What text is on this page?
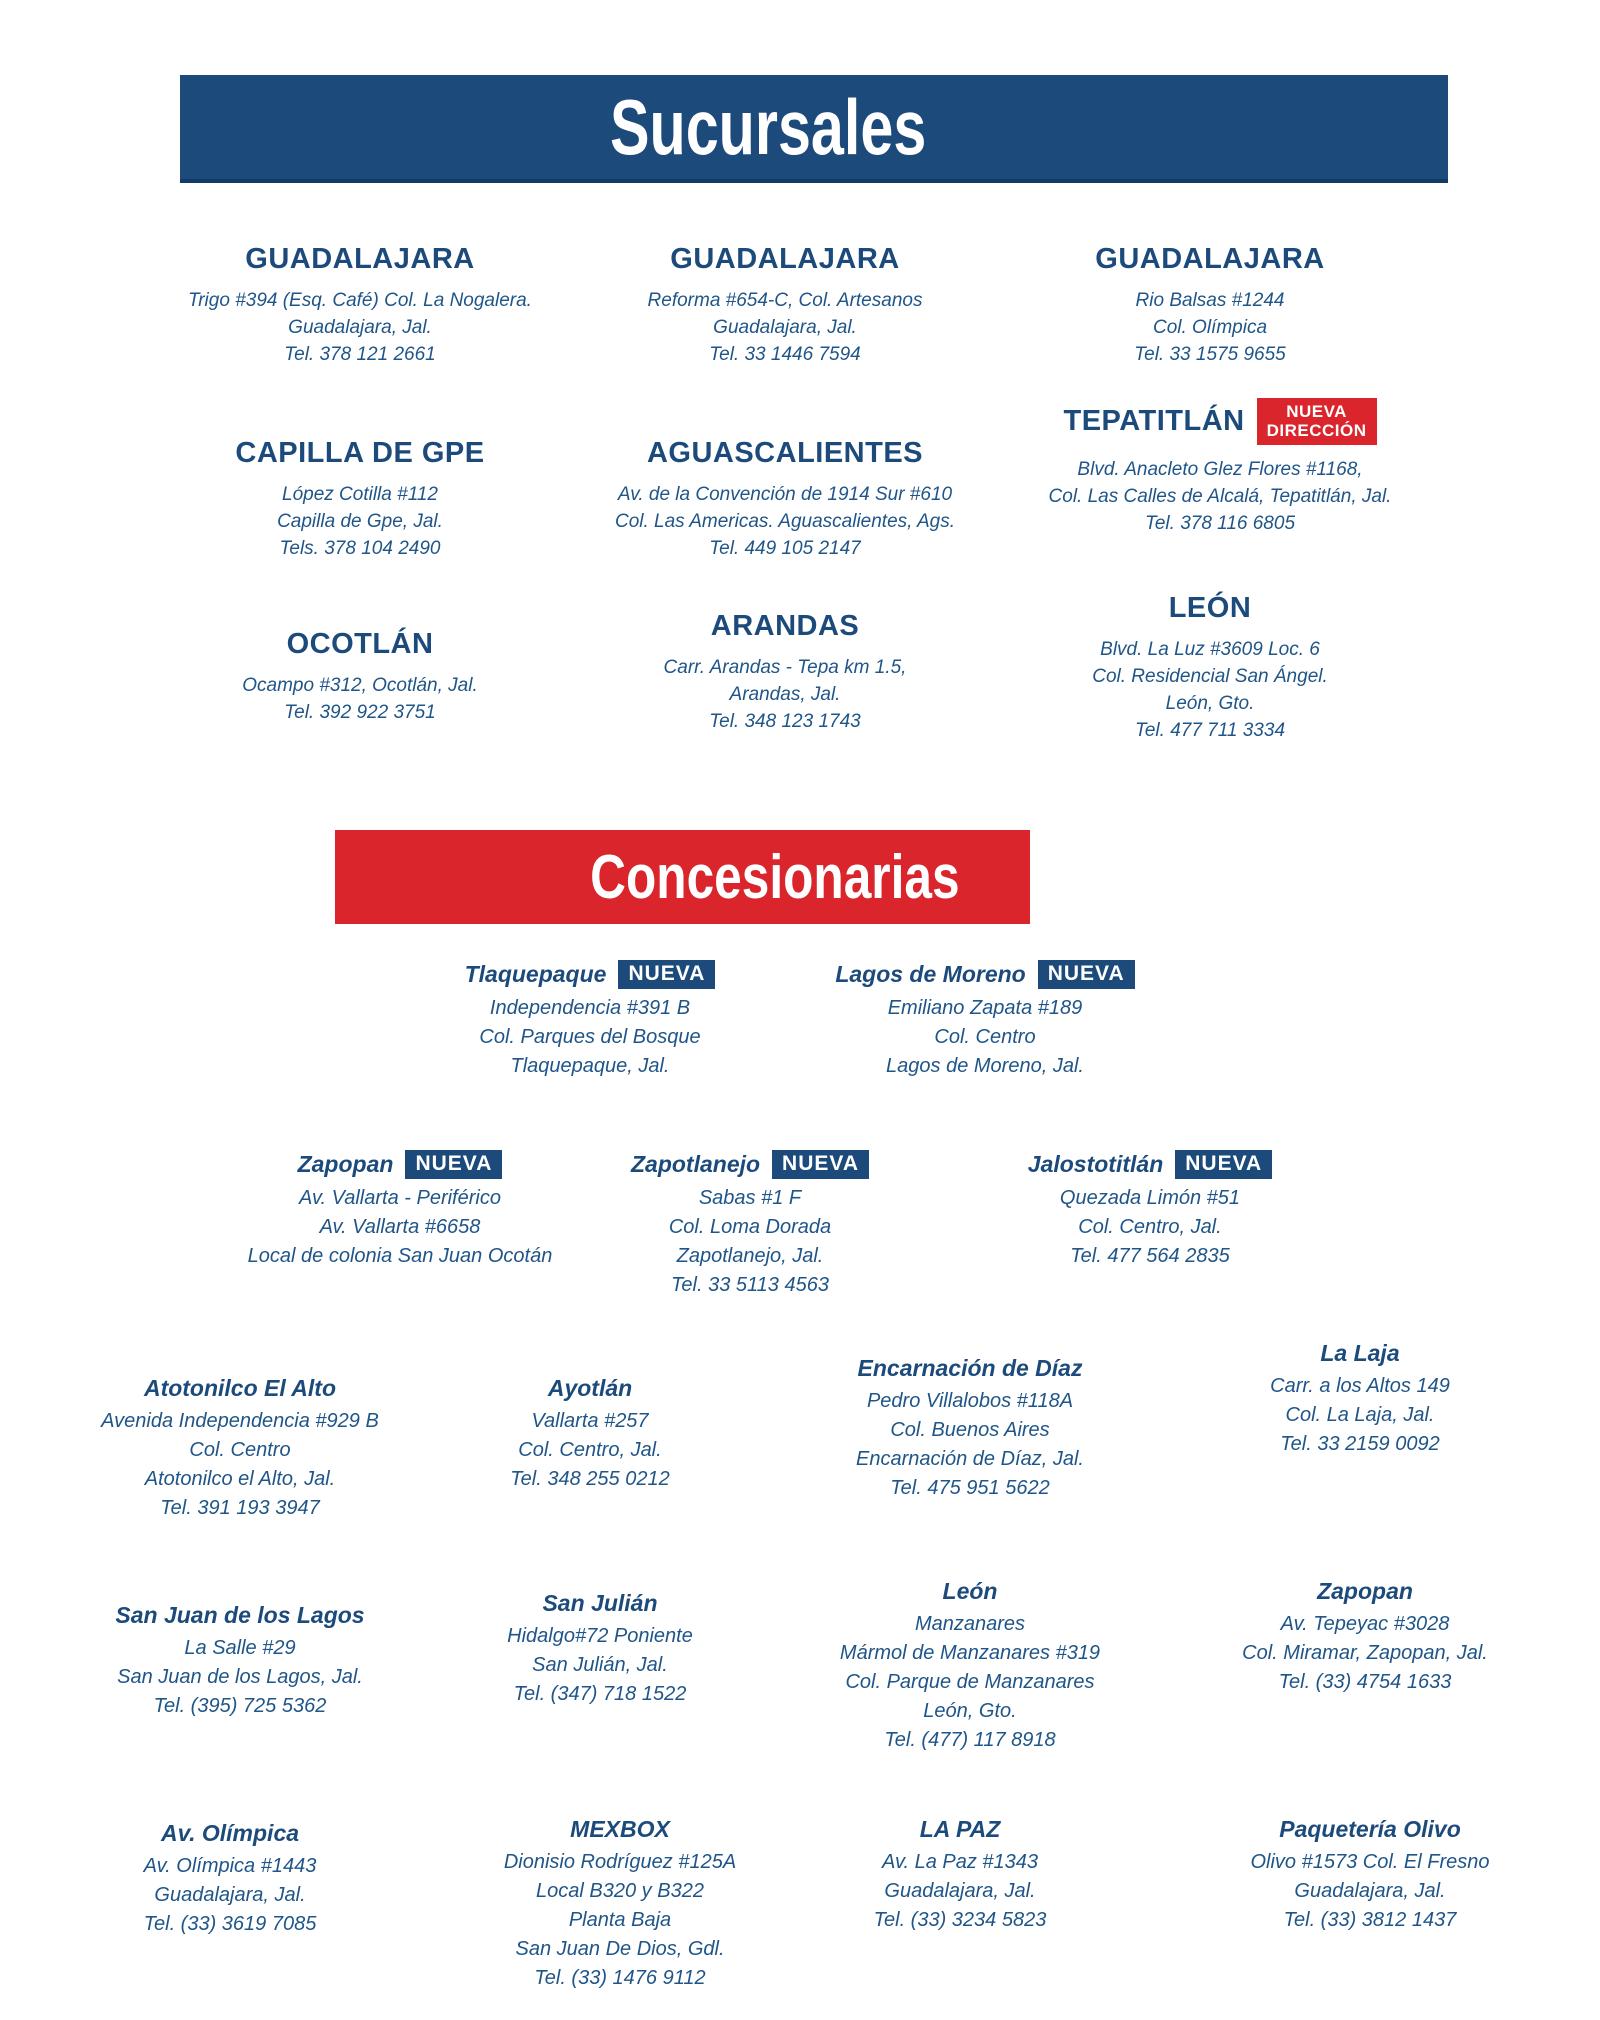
Sucursales
GUADALAJARA
Trigo #394 (Esq. Café) Col. La Nogalera.
Guadalajara, Jal.
Tel. 378 121 2661
GUADALAJARA
Reforma #654-C, Col. Artesanos
Guadalajara, Jal.
Tel. 33 1446 7594
GUADALAJARA
Rio Balsas #1244
Col. Olímpica
Tel. 33 1575 9655
CAPILLA DE GPE
López Cotilla #112
Capilla de Gpe, Jal.
Tels. 378 104 2490
AGUASCALIENTES
Av. de la Convención de 1914 Sur #610
Col. Las Americas. Aguascalientes, Ags.
Tel. 449 105 2147
TEPATITLÁN	NUEVA
DIRECCIÓN
Blvd. Anacleto Glez Flores #1168,
Col. Las Calles de Alcalá, Tepatitlán, Jal.
Tel. 378 116 6805
OCOTLÁN
Ocampo #312, Ocotlán, Jal.
Tel. 392 922 3751
ARANDAS
Carr. Arandas - Tepa km 1.5,
Arandas, Jal.
Tel. 348 123 1743
LEÓN
Blvd. La Luz #3609 Loc. 6
Col. Residencial San Ángel.
León, Gto.
Tel. 477 711 3334
Concesionarias
Tlaquepaque	NUEVA
Independencia #391 B
Col. Parques del Bosque
Tlaquepaque, Jal.
Lagos de Moreno	NUEVA
Emiliano Zapata #189
Col. Centro
Lagos de Moreno, Jal.
Zapopan	NUEVA
Av. Vallarta - Periférico
Av. Vallarta #6658
Local de colonia San Juan Ocotán
Zapotlanejo	NUEVA
Sabas #1 F
Col. Loma Dorada
Zapotlanejo, Jal.
Tel. 33 5113 4563
Jalostotitlán	NUEVA
Quezada Limón #51
Col. Centro, Jal.
Tel. 477 564 2835
Atotonilco El Alto
Avenida Independencia #929 B
Col. Centro
Atotonilco el Alto, Jal.
Tel. 391 193 3947
Ayotlán
Vallarta #257
Col. Centro, Jal.
Tel. 348 255 0212
Encarnación de Díaz
Pedro Villalobos #118A
Col. Buenos Aires
Encarnación de Díaz, Jal.
Tel. 475 951 5622
La Laja
Carr. a los Altos 149
Col. La Laja, Jal.
Tel. 33 2159 0092
San Juan de los Lagos
La Salle #29
San Juan de los Lagos, Jal.
Tel. (395) 725 5362
San Julián
Hidalgo#72 Poniente
San Julián, Jal.
Tel. (347) 718 1522
León
Manzanares
Mármol de Manzanares #319
Col. Parque de Manzanares
León, Gto.
Tel. (477) 117 8918
Zapopan
Av. Tepeyac #3028
Col. Miramar, Zapopan, Jal.
Tel. (33) 4754 1633
Av. Olímpica
Av. Olímpica #1443
Guadalajara, Jal.
Tel. (33) 3619 7085
MEXBOX
Dionisio Rodríguez #125A
Local B320 y B322
Planta Baja
San Juan De Dios, Gdl.
Tel. (33) 1476 9112
LA PAZ
Av. La Paz #1343
Guadalajara, Jal.
Tel. (33) 3234 5823
Paquetería Olivo
Olivo #1573 Col. El Fresno
Guadalajara, Jal.
Tel. (33) 3812 1437
